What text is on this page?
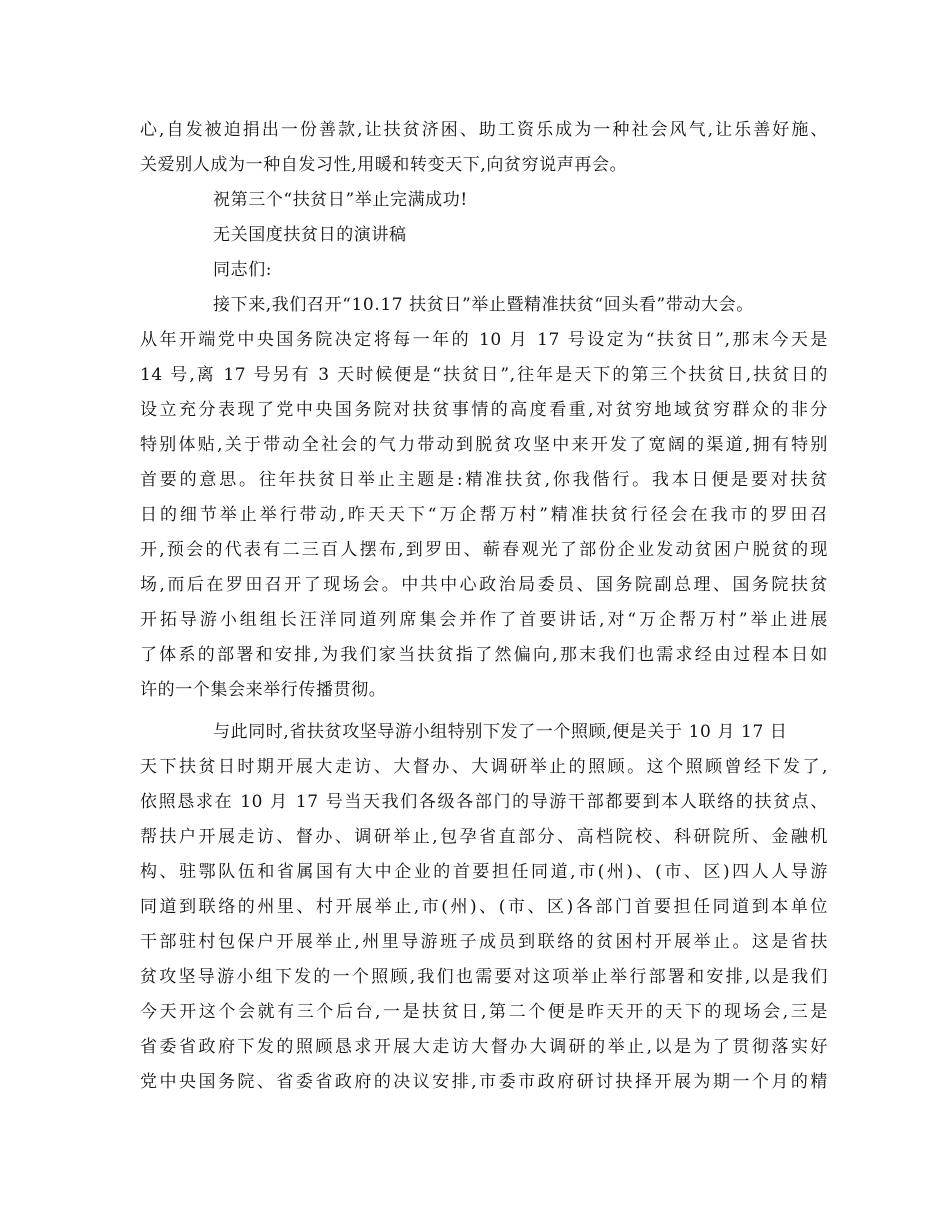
心,自发被迫捐出一份善款,让扶贫济困、助工资乐成为一种社会风气,让乐善好施、
关爱别人成为一种自发习性,用暖和转变天下,向贫穷说声再会。
祝第三个“扶贫日”举止完满成功!
无关国度扶贫日的演讲稿
同志们:
接下来,我们召开“10.17 扶贫日”举止暨精准扶贫“回头看”带动大会。
从年开端党中央国务院决定将每一年的 10 月 17 号设定为“扶贫日”,那末今天是
14 号,离 17 号另有 3 天时候便是“扶贫日”,往年是天下的第三个扶贫日,扶贫日的
设立充分表现了党中央国务院对扶贫事情的高度看重,对贫穷地域贫穷群众的非分
特别体贴,关于带动全社会的气力带动到脱贫攻坚中来开发了宽阔的渠道,拥有特别
首要的意思。往年扶贫日举止主题是:精准扶贫,你我偕行。我本日便是要对扶贫
日的细节举止举行带动,昨天天下“万企帮万村”精准扶贫行径会在我市的罗田召
开,预会的代表有二三百人摆布,到罗田、蕲春观光了部份企业发动贫困户脱贫的现
场,而后在罗田召开了现场会。中共中心政治局委员、国务院副总理、国务院扶贫
开拓导游小组组长汪洋同道列席集会并作了首要讲话,对“万企帮万村”举止进展
了体系的部署和安排,为我们家当扶贫指了然偏向,那末我们也需求经由过程本日如
许的一个集会来举行传播贯彻。
与此同时,省扶贫攻坚导游小组特别下发了一个照顾,便是关于 10 月 17 日
天下扶贫日时期开展大走访、大督办、大调研举止的照顾。这个照顾曾经下发了,
依照恳求在 10 月 17 号当天我们各级各部门的导游干部都要到本人联络的扶贫点、
帮扶户开展走访、督办、调研举止,包孕省直部分、高档院校、科研院所、金融机
构、驻鄂队伍和省属国有大中企业的首要担任同道,市(州)、(市、区)四人人导游
同道到联络的州里、村开展举止,市(州)、(市、区)各部门首要担任同道到本单位
干部驻村包保户开展举止,州里导游班子成员到联络的贫困村开展举止。这是省扶
贫攻坚导游小组下发的一个照顾,我们也需要对这项举止举行部署和安排,以是我们
今天开这个会就有三个后台,一是扶贫日,第二个便是昨天开的天下的现场会,三是
省委省政府下发的照顾恳求开展大走访大督办大调研的举止,以是为了贯彻落实好
党中央国务院、省委省政府的决议安排,市委市政府研讨抉择开展为期一个月的精
